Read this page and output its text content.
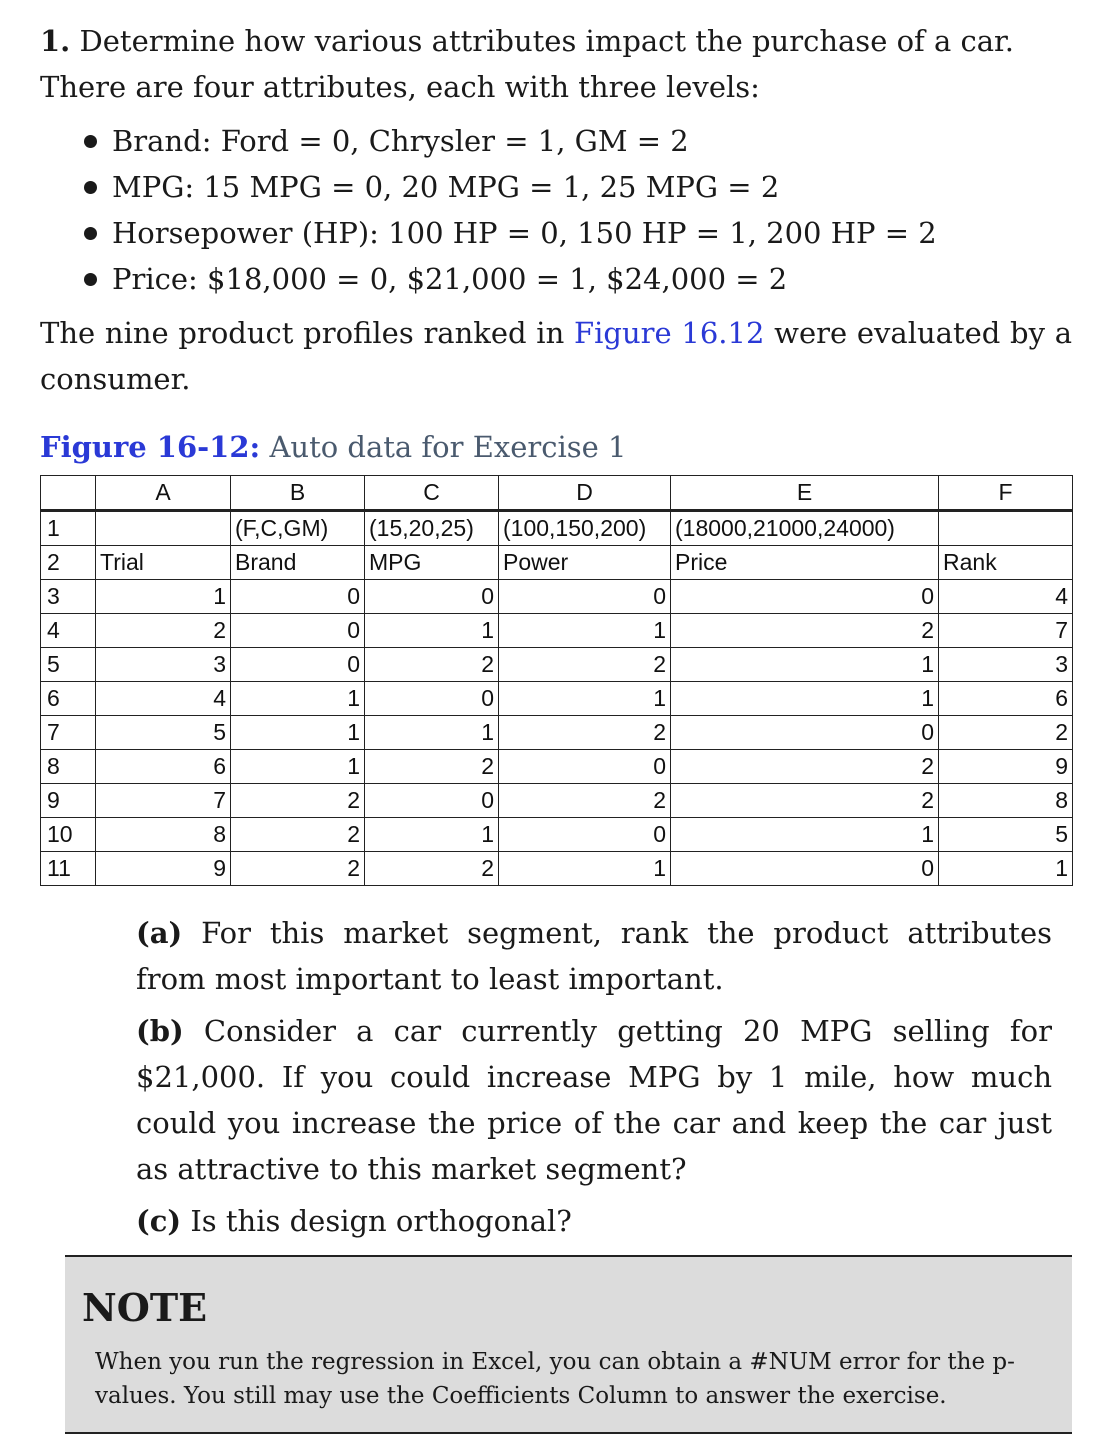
1. Determine how various attributes impact the purchase of a car. There are four attributes, each with three levels:
Brand: Ford = 0, Chrysler = 1, GM = 2
MPG: 15 MPG = 0, 20 MPG = 1, 25 MPG = 2
Horsepower (HP): 100 HP = 0, 150 HP = 1, 200 HP = 2
Price: $18,000 = 0, $21,000 = 1, $24,000 = 2
The nine product profiles ranked in Figure 16.12 were evaluated by a consumer.
Figure 16-12: Auto data for Exercise 1
	A	B	C	D	E	F
1		(F,C,GM)	(15,20,25)	(100,150,200)	(18000,21000,24000)	
2	Trial	Brand	MPG	Power	Price	Rank
3	1	0	0	0	0	4
4	2	0	1	1	2	7
5	3	0	2	2	1	3
6	4	1	0	1	1	6
7	5	1	1	2	0	2
8	6	1	2	0	2	9
9	7	2	0	2	2	8
10	8	2	1	0	1	5
11	9	2	2	1	0	1

(a) For this market segment, rank the product attributes from most important to least important.

(b) Consider a car currently getting 20 MPG selling for $21,000. If you could increase MPG by 1 mile, how much could you increase the price of the car and keep the car just as attractive to this market segment?

(c) Is this design orthogonal?

NOTE
When you run the regression in Excel, you can obtain a #NUM error for the p-values. You still may use the Coefficients Column to answer the exercise.
